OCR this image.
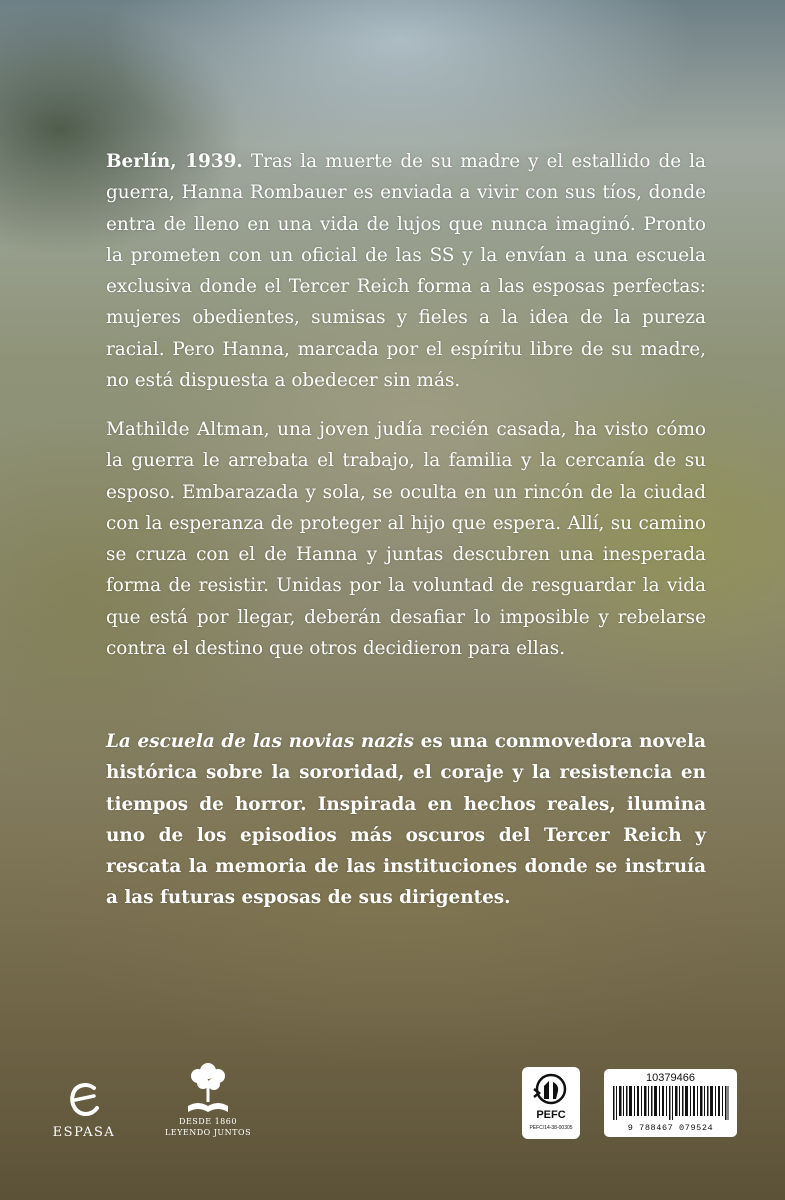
Berlín, 1939. Tras la muerte de su madre y el estallido de la guerra, Hanna Rombauer es enviada a vivir con sus tíos, donde entra de lleno en una vida de lujos que nunca imaginó. Pronto la prometen con un oficial de las SS y la envían a una escuela exclusiva donde el Tercer Reich forma a las esposas perfectas: mujeres obedientes, sumisas y fieles a la idea de la pureza racial. Pero Hanna, marcada por el espíritu libre de su madre, no está dispuesta a obedecer sin más.

Mathilde Altman, una joven judía recién casada, ha visto cómo la guerra le arrebata el trabajo, la familia y la cercanía de su esposo. Embarazada y sola, se oculta en un rincón de la ciudad con la esperanza de proteger al hijo que espera. Allí, su camino se cruza con el de Hanna y juntas descubren una inesperada forma de resistir. Unidas por la voluntad de resguardar la vida que está por llegar, deberán desafiar lo imposible y rebelarse contra el destino que otros decidieron para ellas.

La escuela de las novias nazis es una conmovedora novela histórica sobre la sororidad, el coraje y la resistencia en tiempos de horror. Inspirada en hechos reales, ilumina uno de los episodios más oscuros del Tercer Reich y rescata la memoria de las instituciones donde se instruía a las futuras esposas de sus dirigentes.

ESPASA
DESDE 1860
LEYENDO JUNTOS
PEFC
PEFC/14-38-00305
10379466
9 788467 079524
